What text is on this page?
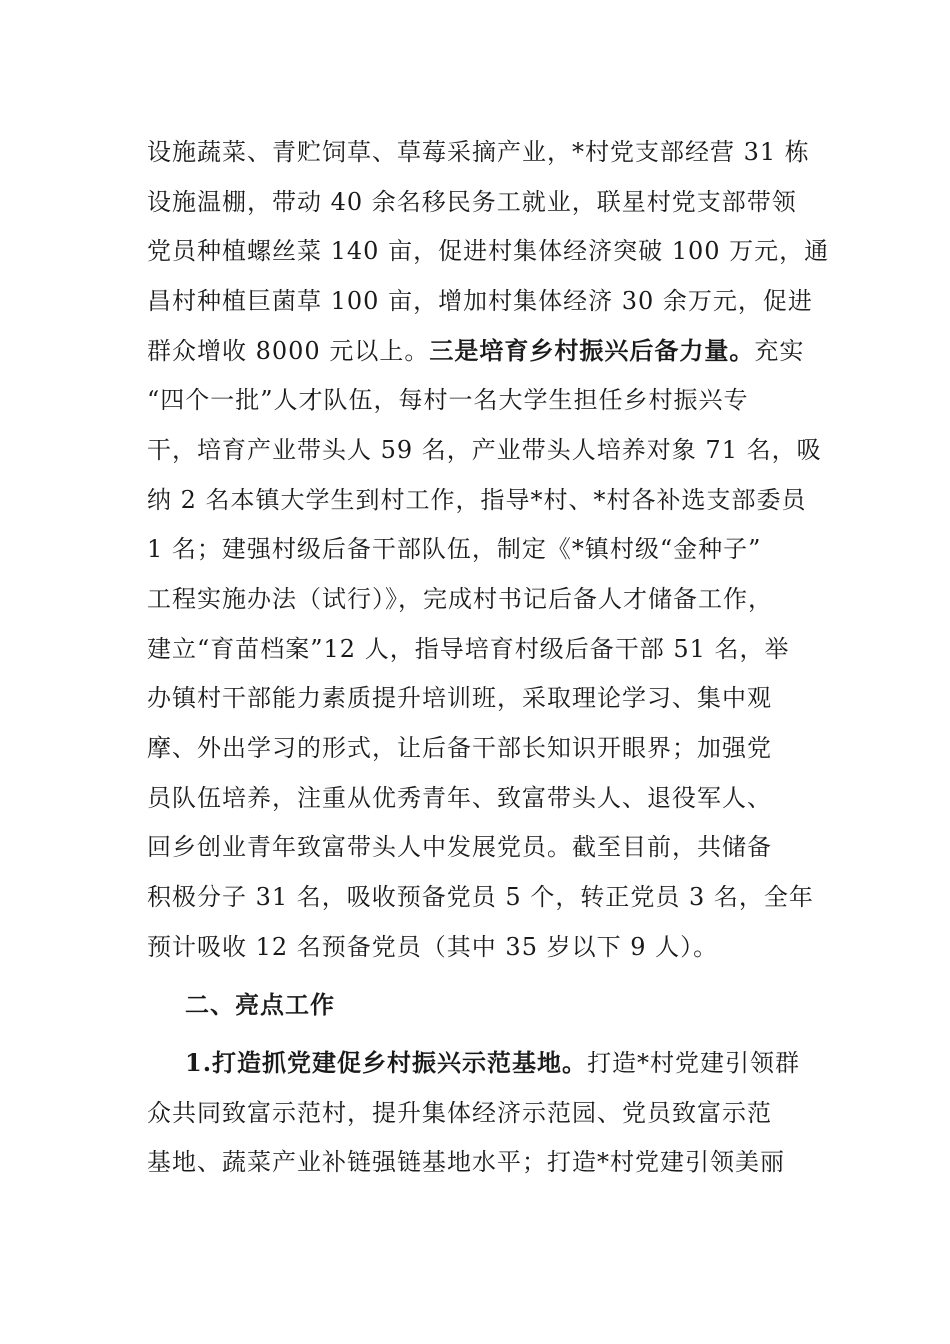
设施蔬菜、青贮饲草、草莓采摘产业，*村党支部经营 31 栋
设施温棚，带动 40 余名移民务工就业，联星村党支部带领
党员种植螺丝菜 140 亩，促进村集体经济突破 100 万元，通
昌村种植巨菌草 100 亩，增加村集体经济 30 余万元，促进
群众增收 8000 元以上。三是培育乡村振兴后备力量。充实
“四个一批”人才队伍，每村一名大学生担任乡村振兴专
干，培育产业带头人 59 名，产业带头人培养对象 71 名，吸
纳 2 名本镇大学生到村工作，指导*村、*村各补选支部委员
1 名；建强村级后备干部队伍，制定《*镇村级“金种子”
工程实施办法（试行）》，完成村书记后备人才储备工作，
建立“育苗档案”12 人，指导培育村级后备干部 51 名，举
办镇村干部能力素质提升培训班，采取理论学习、集中观
摩、外出学习的形式，让后备干部长知识开眼界；加强党
员队伍培养，注重从优秀青年、致富带头人、退役军人、
回乡创业青年致富带头人中发展党员。截至目前，共储备
积极分子 31 名，吸收预备党员 5 个，转正党员 3 名，全年
预计吸收 12 名预备党员（其中 35 岁以下 9 人）。
二、亮点工作
1.打造抓党建促乡村振兴示范基地。打造*村党建引领群
众共同致富示范村，提升集体经济示范园、党员致富示范
基地、蔬菜产业补链强链基地水平；打造*村党建引领美丽
